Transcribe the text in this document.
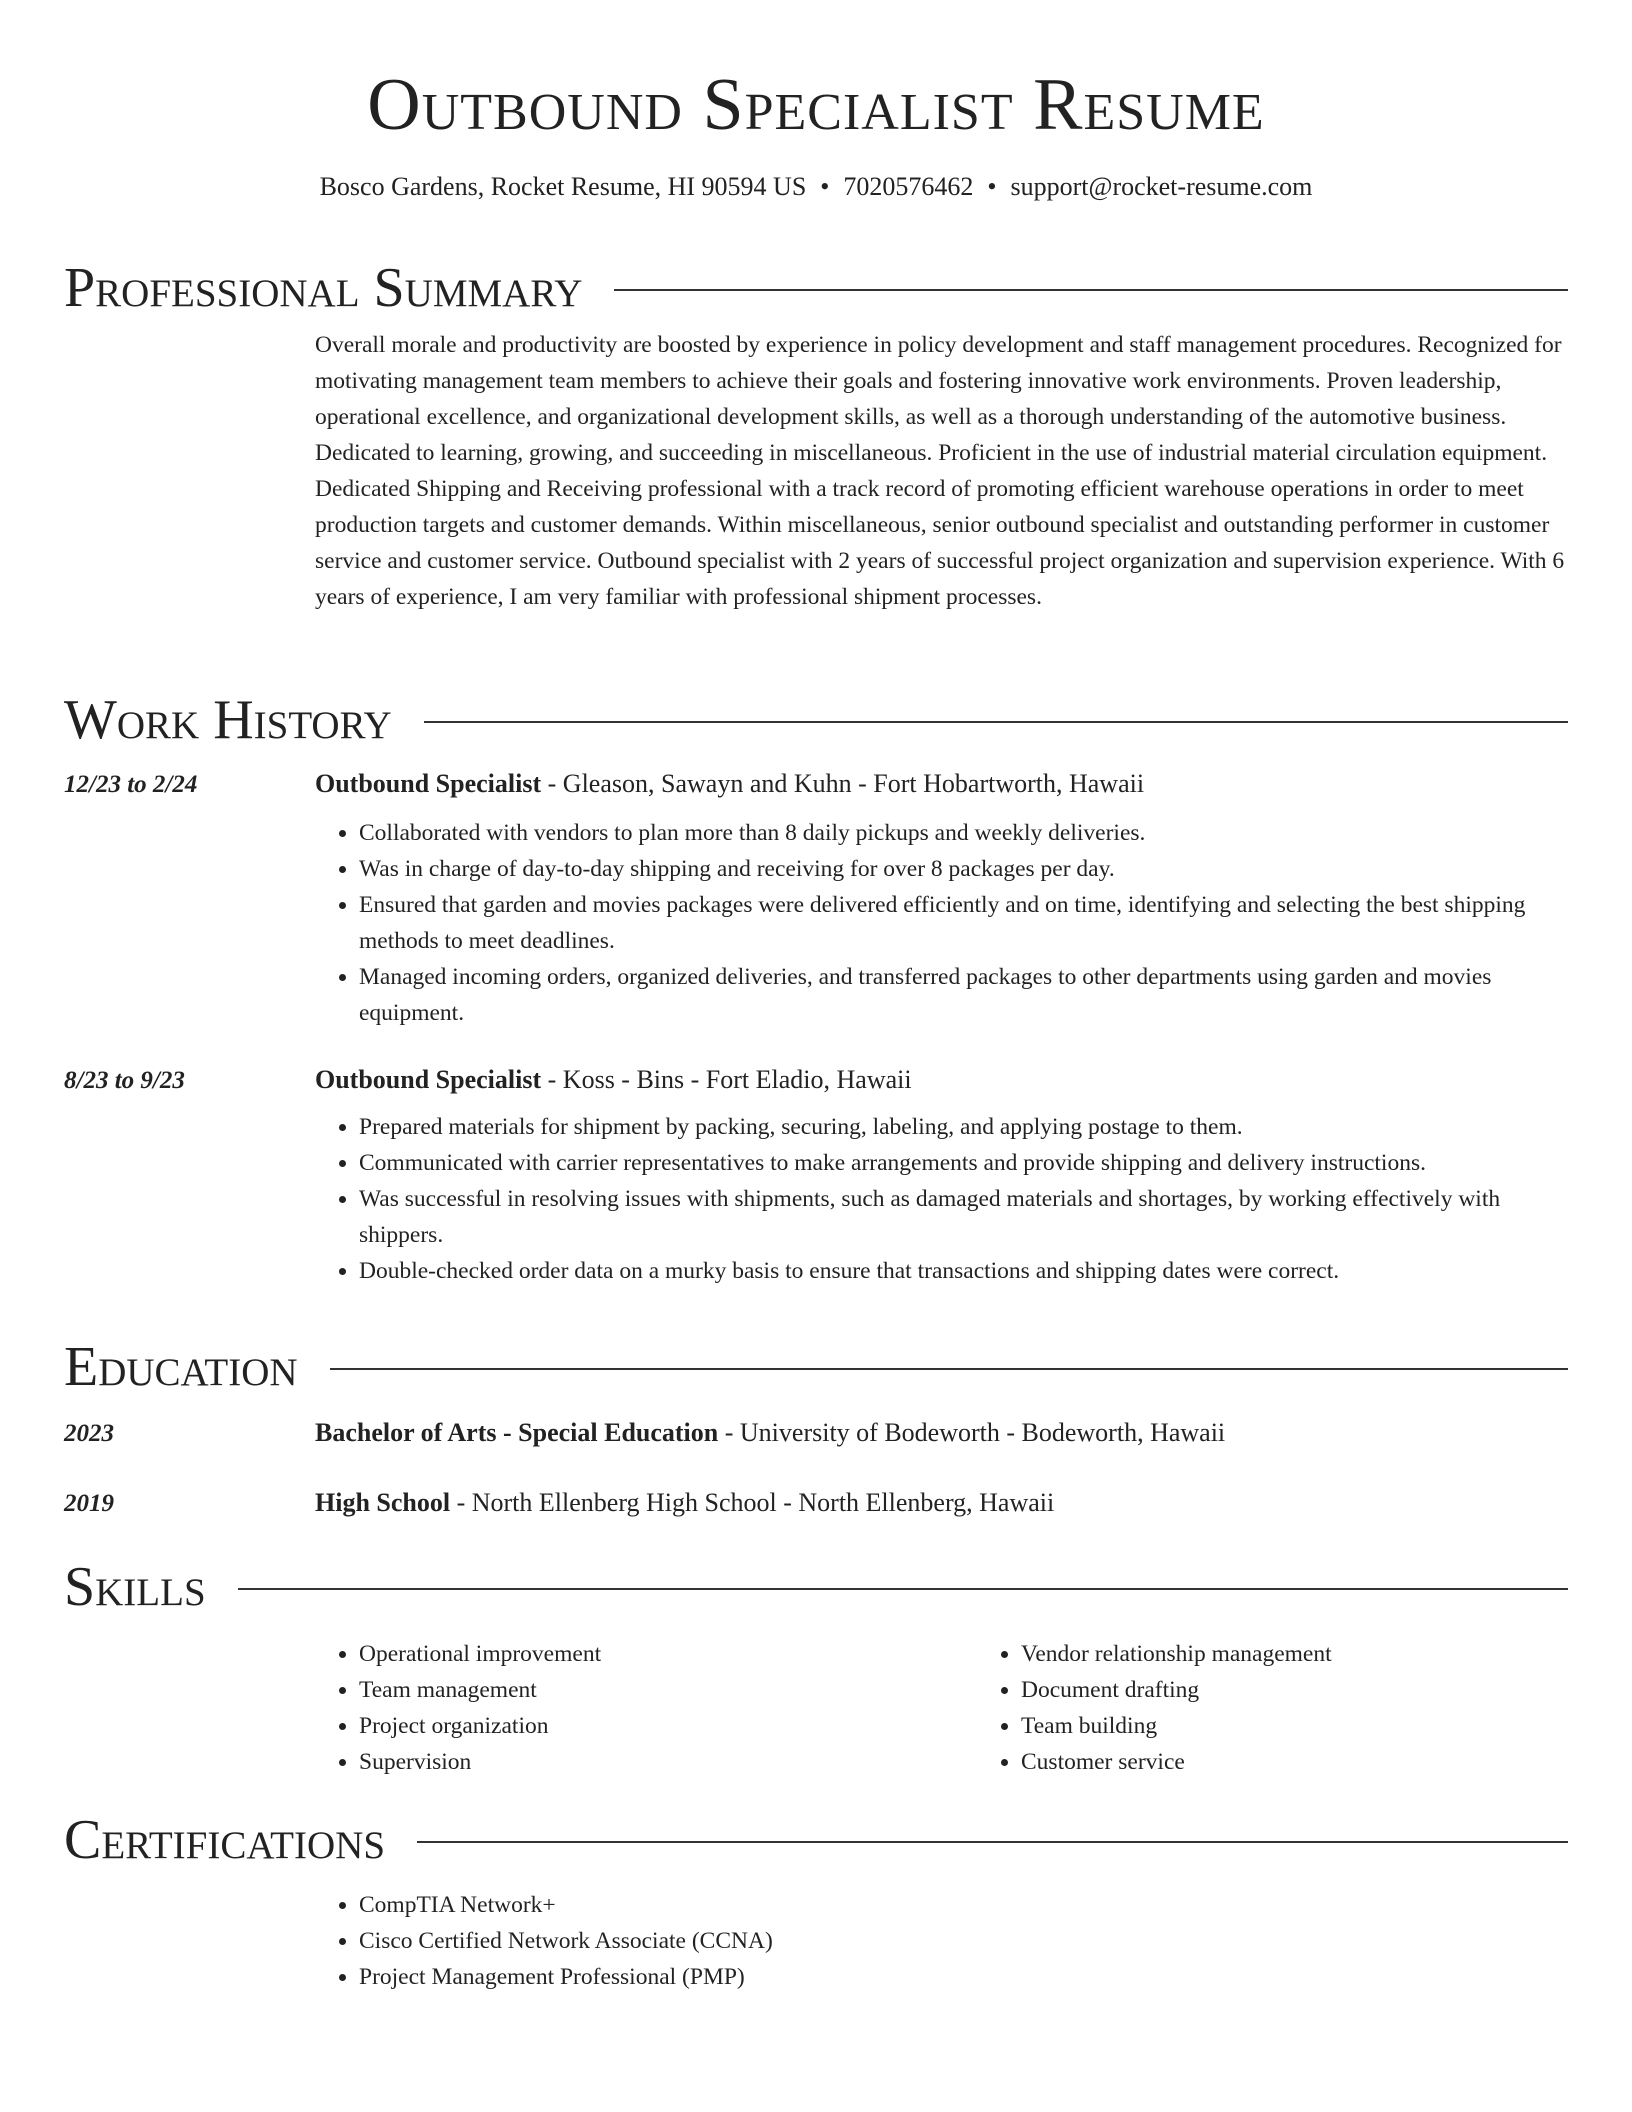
Outbound Specialist Resume
Bosco Gardens, Rocket Resume, HI 90594 US • 7020576462 • support@rocket-resume.com
Professional Summary

Overall morale and productivity are boosted by experience in policy development and staff management procedures. Recognized for motivating management team members to achieve their goals and fostering innovative work environments. Proven leadership, operational excellence, and organizational development skills, as well as a thorough understanding of the automotive business. Dedicated to learning, growing, and succeeding in miscellaneous. Proficient in the use of industrial material circulation equipment. Dedicated Shipping and Receiving professional with a track record of promoting efficient warehouse operations in order to meet production targets and customer demands. Within miscellaneous, senior outbound specialist and outstanding performer in customer service and customer service. Outbound specialist with 2 years of successful project organization and supervision experience. With 6 years of experience, I am very familiar with professional shipment processes.

Work History
12/23 to 2/24	Outbound Specialist - Gleason, Sawayn and Kuhn - Fort Hobartworth, Hawaii
• Collaborated with vendors to plan more than 8 daily pickups and weekly deliveries.
• Was in charge of day-to-day shipping and receiving for over 8 packages per day.
• Ensured that garden and movies packages were delivered efficiently and on time, identifying and selecting the best shipping methods to meet deadlines.
• Managed incoming orders, organized deliveries, and transferred packages to other departments using garden and movies equipment.
8/23 to 9/23	Outbound Specialist - Koss - Bins - Fort Eladio, Hawaii
• Prepared materials for shipment by packing, securing, labeling, and applying postage to them.
• Communicated with carrier representatives to make arrangements and provide shipping and delivery instructions.
• Was successful in resolving issues with shipments, such as damaged materials and shortages, by working effectively with shippers.
• Double-checked order data on a murky basis to ensure that transactions and shipping dates were correct.
Education
2023	Bachelor of Arts - Special Education - University of Bodeworth - Bodeworth, Hawaii
2019	High School - North Ellenberg High School - North Ellenberg, Hawaii
Skills
• Operational improvement
• Team management
• Project organization
• Supervision
• Vendor relationship management
• Document drafting
• Team building
• Customer service
Certifications
• CompTIA Network+
• Cisco Certified Network Associate (CCNA)
• Project Management Professional (PMP)
